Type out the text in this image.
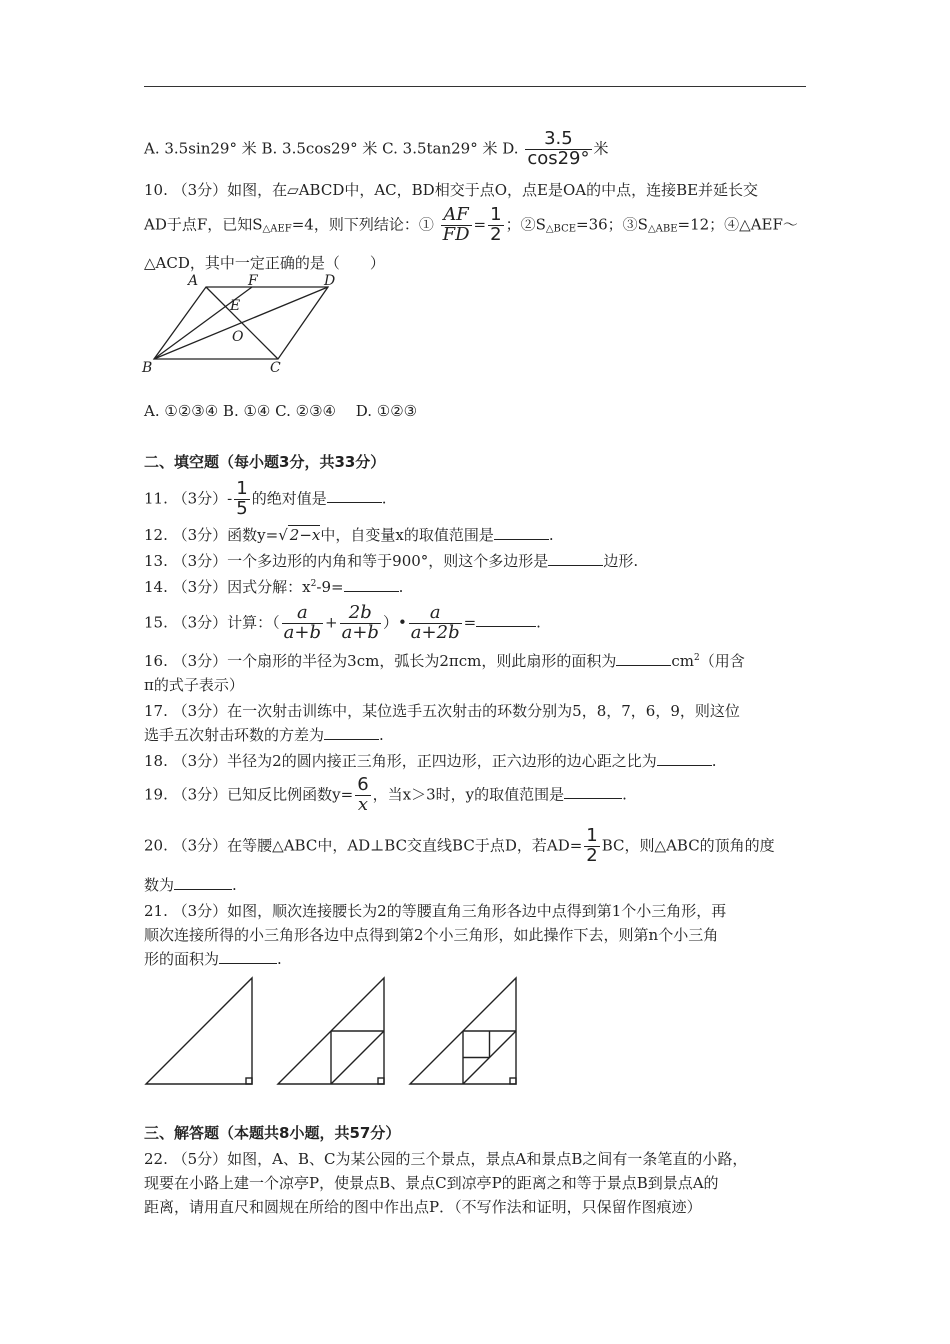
A. 3.5sin29° 米 B. 3.5cos29° 米 C. 3.5tan29° 米 D. $\frac{3.5}{\cos 29^\circ}$ 米
10. （3分）如图，在▱ABCD中，AC，BD相交于点O，点E是OA的中点，连接BE并延长交
AD于点F，已知$S_{\triangle AEF}=4$，则下列结论：① $\frac{AF}{FD} = \frac{1}{2}$ ；$②S_{\triangle BCE}=36$；$③S_{\triangle ABE}=12$；④△AEF～
△ACD，其中一定正确的是（　　）
A	F	D
E
O
B	C
A. ①②③④ B. ①④ C. ②③④　 D. ①②③
二、填空题（每小题3分，共33分）
11. （3分）- $\frac{1}{5}$ 的绝对值是	.
12. （3分）函数y=√ 2−x中，自变量x的取值范围是	.
13. （3分）一个多边形的内角和等于900°，则这个多边形是	边形.
14. （3分）因式分解：$x^2-9=$	.
15. （3分）计算：（ $\frac{a}{a+b} + \frac{2b}{a+b}$ ）• $\frac{a}{a+2b}$ =	.
16. （3分）一个扇形的半径为3cm，弧长为2πcm，则此扇形的面积为	$cm^2$（用含
π的式子表示）
17. （3分）在一次射击训练中，某位选手五次射击的环数分别为5，8，7，6，9，则这位
选手五次射击环数的方差为	.
18. （3分）半径为2的圆内接正三角形，正四边形，正六边形的边心距之比为	.
19. （3分）已知反比例函数$y= \frac{6}{x}$ ，当x＞3时，y的取值范围是	.
20. （3分）在等腰△ABC中，AD⊥BC交直线BC于点D，若$AD= \frac{1}{2}$ BC，则△ABC的顶角的度
数为	.
21. （3分）如图，顺次连接腰长为2的等腰直角三角形各边中点得到第1个小三角形，再
顺次连接所得的小三角形各边中点得到第2个小三角形，如此操作下去，则第n个小三角
形的面积为	.
三、解答题（本题共8小题，共57分）
22. （5分）如图，A、B、C为某公园的三个景点，景点A和景点B之间有一条笔直的小路，
现要在小路上建一个凉亭P，使景点B、景点C到凉亭P的距离之和等于景点B到景点A的
距离，请用直尺和圆规在所给的图中作出点P．（不写作法和证明，只保留作图痕迹）
